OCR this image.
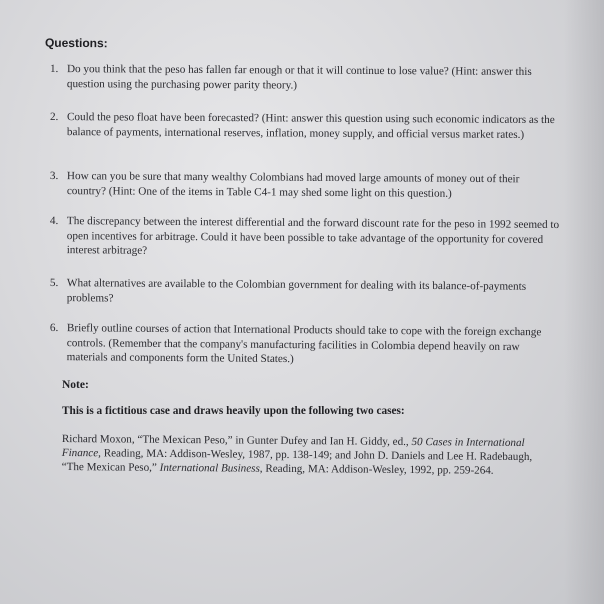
Questions:
1. Do you think that the peso has fallen far enough or that it will continue to lose value? (Hint: answer this question using the purchasing power parity theory.)
2. Could the peso float have been forecasted? (Hint: answer this question using such economic indicators as the balance of payments, international reserves, inflation, money supply, and official versus market rates.)
3. How can you be sure that many wealthy Colombians had moved large amounts of money out of their country? (Hint: One of the items in Table C4-1 may shed some light on this question.)
4. The discrepancy between the interest differential and the forward discount rate for the peso in 1992 seemed to open incentives for arbitrage. Could it have been possible to take advantage of the opportunity for covered interest arbitrage?
5. What alternatives are available to the Colombian government for dealing with its balance-of-payments problems?
6. Briefly outline courses of action that International Products should take to cope with the foreign exchange controls. (Remember that the company's manufacturing facilities in Colombia depend heavily on raw materials and components form the United States.)
Note:
This is a fictitious case and draws heavily upon the following two cases:
Richard Moxon, “The Mexican Peso,” in Gunter Dufey and Ian H. Giddy, ed., 50 Cases in International Finance, Reading, MA: Addison-Wesley, 1987, pp. 138-149; and John D. Daniels and Lee H. Radebaugh, “The Mexican Peso,” International Business, Reading, MA: Addison-Wesley, 1992, pp. 259-264.
